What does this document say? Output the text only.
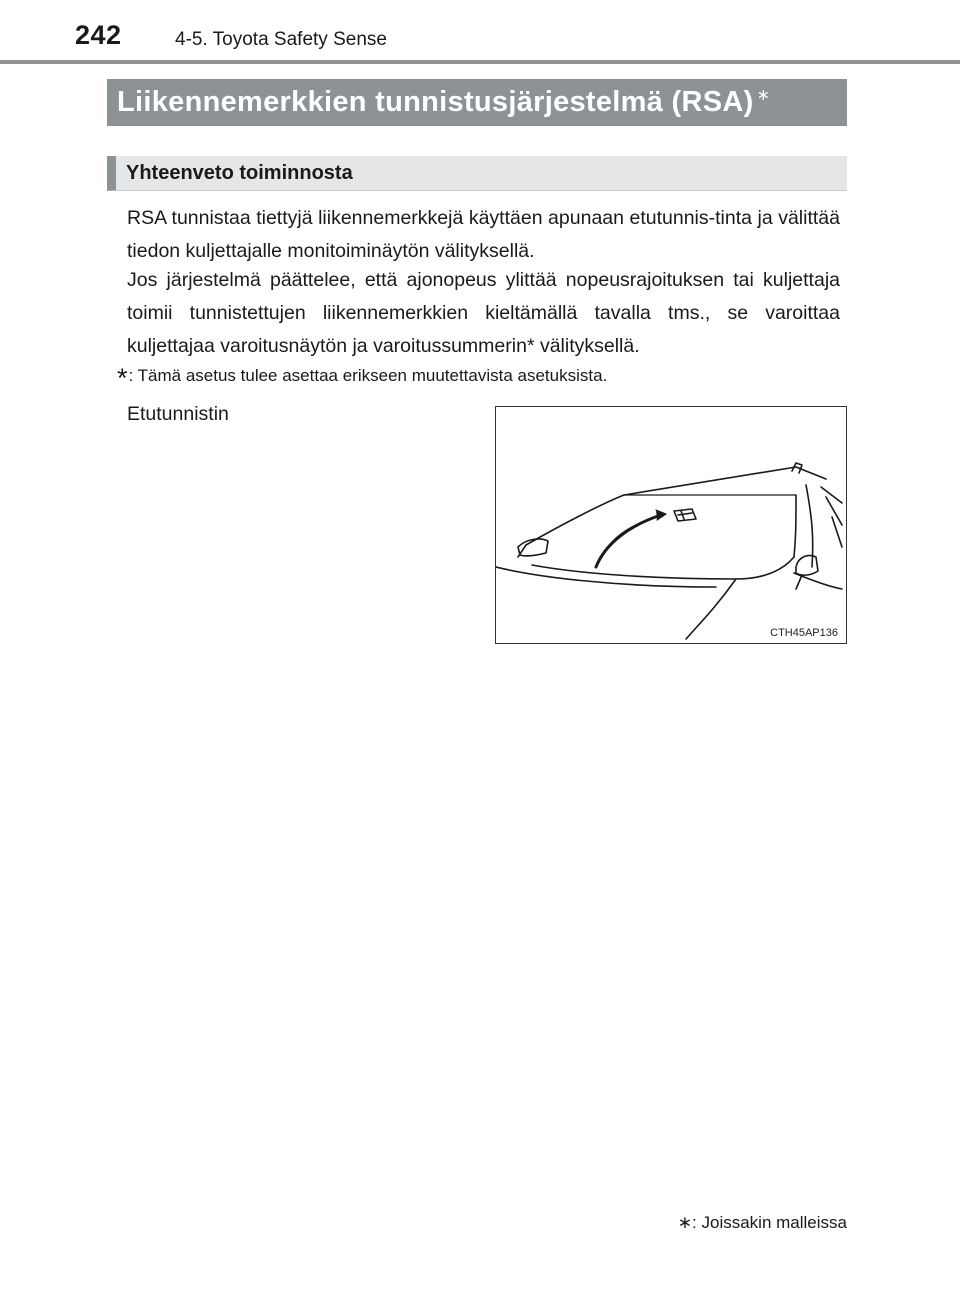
242	4-5. Toyota Safety Sense
Liikennemerkkien tunnistusjärjestelmä (RSA) ∗
Yhteenveto toiminnosta

RSA tunnistaa tiettyjä liikennemerkkejä käyttäen apunaan etutunnis-tinta ja välittää tiedon kuljettajalle monitoiminäytön välityksellä.

Jos järjestelmä päättelee, että ajonopeus ylittää nopeusrajoituksen tai kuljettaja toimii tunnistettujen liikennemerkkien kieltämällä tavalla tms., se varoittaa kuljettajaa varoitusnäytön ja varoitussummerin* välityksellä.

*: Tämä asetus tulee asettaa erikseen muutettavista asetuksista.
Etutunnistin
CTH45AP136
∗: Joissakin malleissa
